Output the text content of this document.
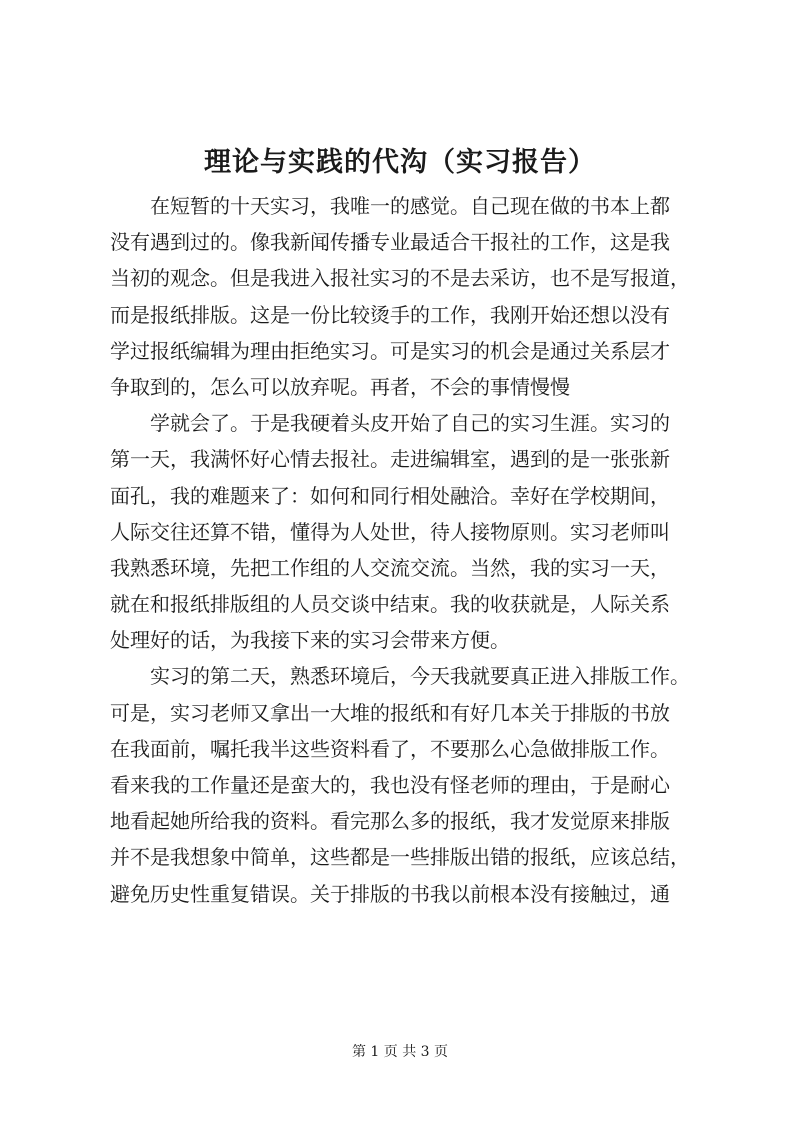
理论与实践的代沟（实习报告）

在短暂的十天实习，我唯一的感觉。自己现在做的书本上都
没有遇到过的。像我新闻传播专业最适合干报社的工作，这是我
当初的观念。但是我进入报社实习的不是去采访，也不是写报道，
而是报纸排版。这是一份比较烫手的工作，我刚开始还想以没有
学过报纸编辑为理由拒绝实习。可是实习的机会是通过关系层才
争取到的，怎么可以放弃呢。再者，不会的事情慢慢

学就会了。于是我硬着头皮开始了自己的实习生涯。实习的
第一天，我满怀好心情去报社。走进编辑室，遇到的是一张张新
面孔，我的难题来了：如何和同行相处融洽。幸好在学校期间，
人际交往还算不错，懂得为人处世，待人接物原则。实习老师叫
我熟悉环境，先把工作组的人交流交流。当然，我的实习一天，
就在和报纸排版组的人员交谈中结束。我的收获就是，人际关系
处理好的话，为我接下来的实习会带来方便。

实习的第二天，熟悉环境后，今天我就要真正进入排版工作。
可是，实习老师又拿出一大堆的报纸和有好几本关于排版的书放
在我面前，嘱托我半这些资料看了，不要那么心急做排版工作。
看来我的工作量还是蛮大的，我也没有怪老师的理由，于是耐心
地看起她所给我的资料。看完那么多的报纸，我才发觉原来排版
并不是我想象中简单，这些都是一些排版出错的报纸，应该总结，
避免历史性重复错误。关于排版的书我以前根本没有接触过，通

第 1 页 共 3 页
